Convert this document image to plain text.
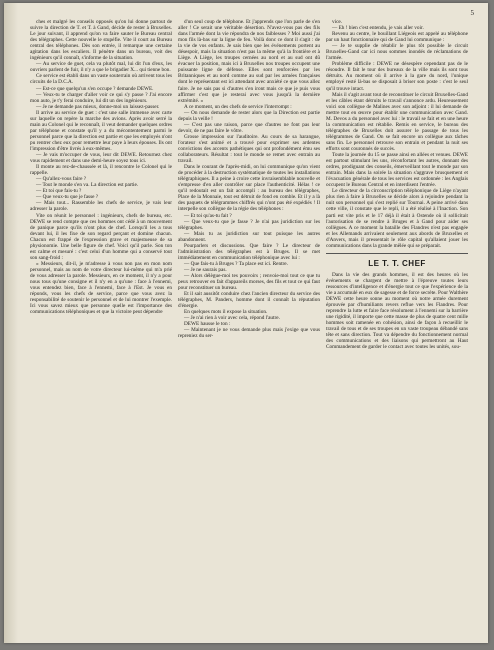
5

ches et malgré les conseils opposés qu'on lui donne partout de suivre la direction de T. et T. à Gand, décide de rester à Bruxelles. Le jour suivant, il apprend qu'on va faire sauter le Bureau central des télégraphes. Cette nouvelle le stupéfie. Vite il court au Bureau central des téléphones. Dès son entrée, il remarque une certaine agitation dans les escaliers. Il pénètre dans un bureau, voit des ingénieurs qu'il connaît, s'informe de la situation.

— Au service de guet, cela va plutôt mal, lui dit l'un d'eux, les ouvriers parlent de fuir, il n'y a que le brigadier X... qui tienne bon.

Ce service est établi dans un vaste souterrain où arrivent tous les circuits de la D.C.A.

— Est-ce que quelqu'un s'en occupe ? demande DEWE.

— Veux-tu te charger d'aller voir ce qui s'y passe ? J'ai encore mon auto, je t'y ferai conduire, lui dit un des ingénieurs.

— Je ne demande pas mieux, donne-moi un laissez-passer.

Il arrive au service de guet : c'est une salle immense avec carte sur laquelle on repère la marche des avions. Après avoir serré la main au Colonel qui le reconnaît, il veut demander quelques ordres par téléphone et constate qu'il y a du mécontentement parmi le personnel parce que la direction est partie et que les employés n'ont pu rentrer chez eux pour remettre leur paye à leurs épouses. Ils ont l'impression d'être livrés à eux-mêmes.

— Je vais m'occuper de vous, leur dit DEWE. Retournez chez vous rapidement et dans une demi-heure soyez tous ici.

Il monte au rez-de-chaussée et là, il rencontre le Colonel qui le rappelle.

— Qu'allez-vous faire ?

— Tout le monde s'en va. La direction est partie.

— Et toi que fais-tu ?

— Que veux-tu que je fasse ?

— Mais tout... Rassemble les chefs de service, je vais leur adresser la parole.

Vite on réunit le personnel : ingénieurs, chefs de bureau, etc. DEWE se rend compte que ces hommes ont cédé à un mouvement de panique parce qu'ils n'ont plus de chef. Lorsqu'il les a tous devant lui, il les fixe de son regard perçant et domine chacun. Chacun est frappé de l'expression grave et majestueuse de sa physionomie. Une belle figure de chef. Voici qu'il parle. Son ton est calme et mesuré : c'est celui d'un homme qui a conservé tout son sang-froid :

« Messieurs, dit-il, je m'adresse à vous non pas en mon nom personnel, mais au nom de votre directeur lui-même qui m'a prié de vous adresser la parole. Messieurs, en ce moment, il n'y a pour nous tous qu'une consigne et il n'y en a qu'une : face à l'ennemi, vous entendez bien, face à l'ennemi, face à l'Est. Je vous en réponds, vous les chefs de service, parce que vous avez la responsabilité de soutenir le personnel et de lui montrer l'exemple. Ici vous savez mieux que personne quelle est l'importance des communications téléphoniques et que la victoire peut dépendre

d'un seul coup de téléphone. Et j'apprends que l'on parle de s'en aller ! Ce serait une véritable désertion. N'avez-vous pas des fils dans l'armée dont la vie répondra de nos faiblesses ? Moi aussi j'ai mon fils là-bas sur la ligne de feu. Voilà donc ce dont il s'agit : de la vie de vos enfants. Je sais bien que les événements portent au désespoir, mais la situation n'est pas la même qu'à la frontière et à Liège. A Liège, les troupes cernées au nord et au sud ont dû évacuer la position, mais ici à Bruxelles nos troupes occupent une puissante ligne de défense. Elles sont renforcées par les Britanniques et au nord comme au sud par les armées françaises dont le représentant est ici attendant avec anxiété ce que vous allez faire. Je ne sais pas si d'autres s'en iront mais ce que je puis vous affirmer c'est que je resterai avec vous jusqu'à la dernière extrémité. »

A ce moment, un des chefs de service l'interrompt :

— On nous demande de rester alors que la Direction est partie depuis la veille !

— C'est pas une raison, parce que d'autres ne font pas leur devoir, de ne pas faire le vôtre.

Grosse impression sur l'auditoire. Au cours de sa harangue, l'orateur s'est animé et a trouvé pour exprimer ses ardentes convictions des accents pathétiques qui ont profondément ému ses collaborateurs. Résultat : tout le monde se remet avec entrain au travail.

Dans le courant de l'après-midi, on lui communique qu'on vient de procéder à la destruction systématique de toutes les installations télégraphiques. Il a peine à croire cette invraisemblable nouvelle et s'empresse d'en aller contrôler sur place l'authenticité. Hélas ! ce qu'il redoutait est un fait accompli : au bureau des télégraphes, Place de la Monnaie, tout est détruit de fond en comble. Et il y a là des paquets de télégrammes chiffrés qui n'ont pas été expédiés ! Il interpelle son collègue de la régie des téléphones :

— Et toi qu'as-tu fait ?

— Que veux-tu que je fasse ? Je n'ai pas juridiction sur les télégraphes.

— Mais tu as juridiction sur tout puisque les autres abandonnent.

Pourparlers et discussions. Que faire ? Le directeur de l'administration des télégraphes est à Bruges. Il se met immédiatement en communication téléphonique avec lui :

— Que fais-tu à Bruges ? Ta place est ici. Rentre.

— Je ne saurais pas.

— Alors délègue-moi tes pouvoirs ; renvoie-moi tout ce que tu peux retrouver en fait d'appareils morses, des fils et tout ce qui faut pour reconstituer un bureau.

Et il sait aussitôt conduire chez l'ancien directeur du service des télégraphes, M. Panders, homme dont il connaît la réputation d'énergie.

En quelques mots il expose la situation.

— Je n'ai rien à voir avec cela, répond l'autre.

DEWE hausse le ton :

— Maintenant je ne vous demande plus mais j'exige que vous repreniez du ser-

vice.

— Eh ! bien c'est entendu, je vais aller voir.

Revenu au centre, le bouillant Liégeois est appelé au téléphone par un haut fonctionnaire qui de Gand lui communique :

— Je te supplie de rétablir le plus tôt possible le circuit Bruxelles-Gand car ici nous sommes inondés de réclamations de l'armée.

Problème difficile : DEWE ne désespère cependant pas de le résoudre. Il fait le tour des bureaux de la ville mais ils sont tous détruits. Au moment où il arrive à la gare du nord, l'unique employé resté là-bas se disposait à briser son poste : c'est le seul qu'il trouve intact.

Mais il s'agit avant tout de reconstituer le circuit Bruxelles-Gand et les câbles étant détruits le travail s'annonce ardu. Heureusement voici son collègue de Malines avec son adjoint : il lui demande de mettre tout en œuvre pour établir une communication avec Gand. M. Devos a du personnel avec lui : le travail se fait et en une heure la communication est rétablie. Remis en service, le bureau des télégraphes de Bruxelles doit assurer le passage de tous les télégrammes de Gand. On se fait encore un collègue aux tâches sans fin. Le personnel retrouve son entrain et pendant la nuit ses efforts sont couronnés de succès.

Toute la journée du 15 se passe ainsi en allées et venues. DEWE est partout stimulant les uns, réconfortant les autres, donnant des ordres, prodiguant des conseils, émerveillant tout le monde par son entrain. Mais dans la soirée la situation s'aggrave brusquement et l'évacuation générale de tous les services est ordonnée : les Anglais occupent le Bureau Central et en interdisent l'entrée.

Le directeur de la circonscription téléphonique de Liège n'ayant plus rien à faire à Bruxelles se décide alors à rejoindre pendant la nuit son personnel qui s'est replié sur Tournai. A peine arrivé dans cette ville, il constate que le repli, il a été réalisé à l'Inaction. Son parti est vite pris et le 17 déjà il était à Ostende où il sollicitait l'autorisation de se rendre à Bruges et à Gand pour aider ses collègues. A ce moment la bataille des Flandres n'est pas engagée et les Allemands arrivaient seulement aux abords de Bruxelles et d'Anvers, mais il pressentait le rôle capital qu'allaient jouer les communications dans la grande mêlée qui se préparait.

LE T. T. CHEF

Dans la vie des grands hommes, il est des heures où les événements se chargent de mettre à l'épreuve toutes leurs ressources d'intelligence et d'énergie tout ce que l'expérience de la vie a accumulé en eux de sagesse et de force secrète. Pour Walthère DEWE cette heure sonne au moment où notre armée durement éprouvée par d'humiliants revers reflue vers les Flandres. Pour reprendre la lutte et faire face résolument à l'ennemi sur la barrière une rigidité, il importe que cette masse de plus de quatre cent mille hommes soit ramenée en cohésion, ainsi de façon à recueillir le travail de tous et de ses troupes en un vaste troupeau débandé sans tête et sans direction. Tout va dépendre du fonctionnement normal des communications et des liaisons qui permettront au Haut Commandement de garder le contact avec toutes les unités, sou-
